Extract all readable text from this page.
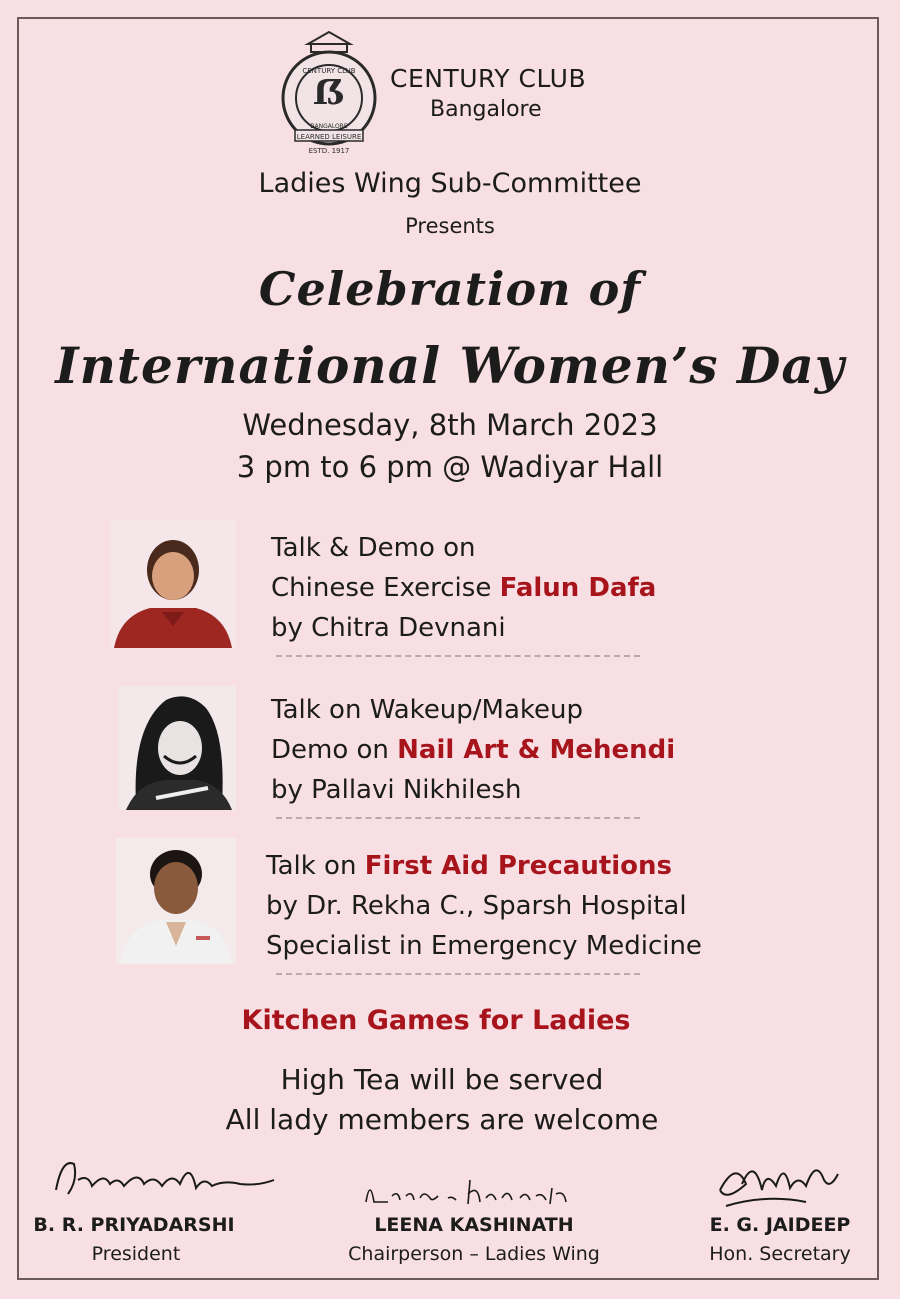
ẞ
CENTURY CLUB
BANGALORE
LEARNED LEISURE
ESTD. 1917
CENTURY CLUB
Bangalore
Ladies Wing Sub-Committee
Presents
Celebration of
International Women’s Day
Wednesday, 8th March 2023
3 pm to 6 pm @ Wadiyar Hall
Talk & Demo on
Chinese Exercise Falun Dafa
by Chitra Devnani
Talk on Wakeup/Makeup
Demo on Nail Art & Mehendi
by Pallavi Nikhilesh
Talk on First Aid Precautions
by Dr. Rekha C., Sparsh Hospital
Specialist in Emergency Medicine
Kitchen Games for Ladies
High Tea will be served
All lady members are welcome
B. R. PRIYADARSHI
President
LEENA KASHINATH
Chairperson – Ladies Wing
E. G. JAIDEEP
Hon. Secretary
